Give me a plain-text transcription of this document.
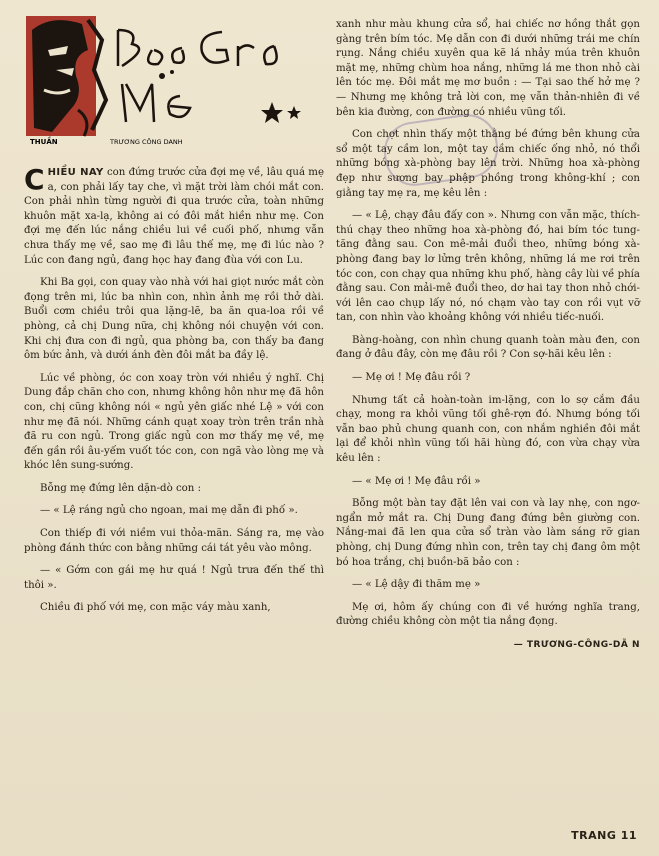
THUẦN	TRƯƠNG CÔNG DANH

CHIỀU NAY con đứng trước cửa đợi mẹ về, lâu quá mẹ a, con phải lấy tay che, vì mặt trời làm chói mắt con. Con phải nhìn từng người đi qua trước cửa, toàn những khuôn mặt xa-lạ, không ai có đôi mắt hiền như mẹ. Con đợi mẹ đến lúc nắng chiều lui về cuối phố, nhưng vẫn chưa thấy mẹ về, sao mẹ đi lâu thế mẹ, mẹ đi lúc nào ? Lúc con đang ngủ, đang học hay đang đùa với con Lu.

Khi Ba gọi, con quay vào nhà với hai giọt nước mắt còn đọng trên mi, lúc ba nhìn con, nhìn ảnh mẹ rồi thở dài. Buổi cơm chiều trôi qua lặng-lẽ, ba ăn qua-loa rồi về phòng, cả chị Dung nữa, chị không nói chuyện với con. Khi chị đưa con đi ngủ, qua phòng ba, con thấy ba đang ôm bức ảnh, và dưới ánh đèn đôi mắt ba đầy lệ.

Lúc về phòng, óc con xoay tròn với nhiều ý nghĩ. Chị Dung đắp chăn cho con, nhưng không hôn như mẹ đã hôn con, chị cũng không nói « ngủ yên giấc nhé Lệ » với con như mẹ đã nói. Những cánh quạt xoay tròn trên trần nhà đã ru con ngủ. Trong giấc ngủ con mơ thấy mẹ về, mẹ đến gần rồi âu-yếm vuốt tóc con, con ngã vào lòng mẹ và khóc lên sung-sướng.

Bỗng mẹ đứng lên dặn-dò con :

— « Lệ ráng ngủ cho ngoan, mai mẹ dẫn đi phố ».

Con thiếp đi với niềm vui thỏa-mãn. Sáng ra, mẹ vào phòng đánh thức con bằng những cái tát yêu vào mông.

— « Gớm con gái mẹ hư quá ! Ngủ trưa đến thế thì thôi ».

Chiều đi phố với mẹ, con mặc váy màu xanh,

xanh như màu khung cửa sổ, hai chiếc nơ hồng thắt gọn gàng trên bím tóc. Mẹ dẫn con đi dưới những trái me chín rụng. Nắng chiều xuyên qua kẽ lá nhảy múa trên khuôn mặt mẹ, những chùm hoa nắng, những lá me thon nhỏ cài lên tóc mẹ. Đôi mắt mẹ mơ buồn : — Tại sao thế hở mẹ ? — Nhưng mẹ không trả lời con, mẹ vẫn thản-nhiên đi về bên kia đường, con đường có nhiều vũng tối.

Con chợt nhìn thấy một thằng bé đứng bên khung cửa sổ một tay cầm lon, một tay cầm chiếc ống nhỏ, nó thổi những bóng xà-phòng bay lên trời. Những hoa xà-phòng đẹp như sương bay phập phồng trong không-khí ; con giằng tay mẹ ra, mẹ kêu lên :

— « Lệ, chạy đâu đấy con ». Nhưng con vẫn mặc, thích-thú chạy theo những hoa xà-phòng đó, hai bím tóc tung-tăng đằng sau. Con mê-mải đuổi theo, những bóng xà-phòng đang bay lơ lửng trên không, những lá me rơi trên tóc con, con chạy qua những khu phố, hàng cây lùi về phía đằng sau. Con mải-mê đuổi theo, dơ hai tay thon nhỏ chới-với lên cao chụp lấy nó, nó chạm vào tay con rồi vụt vỡ tan, con nhìn vào khoảng không với nhiều tiếc-nuối.

Bàng-hoàng, con nhìn chung quanh toàn màu đen, con đang ở đâu đây, còn mẹ đâu rồi ? Con sợ-hãi kêu lên :

— Mẹ ơi ! Mẹ đâu rồi ?

Nhưng tất cả hoàn-toàn im-lặng, con lo sợ cắm đầu chạy, mong ra khỏi vũng tối ghê-rợn đó. Nhưng bóng tối vẫn bao phủ chung quanh con, con nhắm nghiền đôi mắt lại để khỏi nhìn vũng tối hãi hùng đó, con vừa chạy vừa kêu lên :

— « Mẹ ơi ! Mẹ đâu rồi »

Bỗng một bàn tay đặt lên vai con và lay nhẹ, con ngơ-ngẩn mở mắt ra. Chị Dung đang đứng bên giường con. Nắng-mai đã len qua cửa sổ tràn vào làm sáng rỡ gian phòng, chị Dung đứng nhìn con, trên tay chị đang ôm một bó hoa trắng, chị buồn-bã bảo con :

— « Lệ dậy đi thăm mẹ »

Mẹ ơi, hôm ấy chúng con đi về hướng nghĩa trang, đường chiều không còn một tia nắng đọng.

— TRƯƠNG-CÔNG-DÃ N
TRANG 11
